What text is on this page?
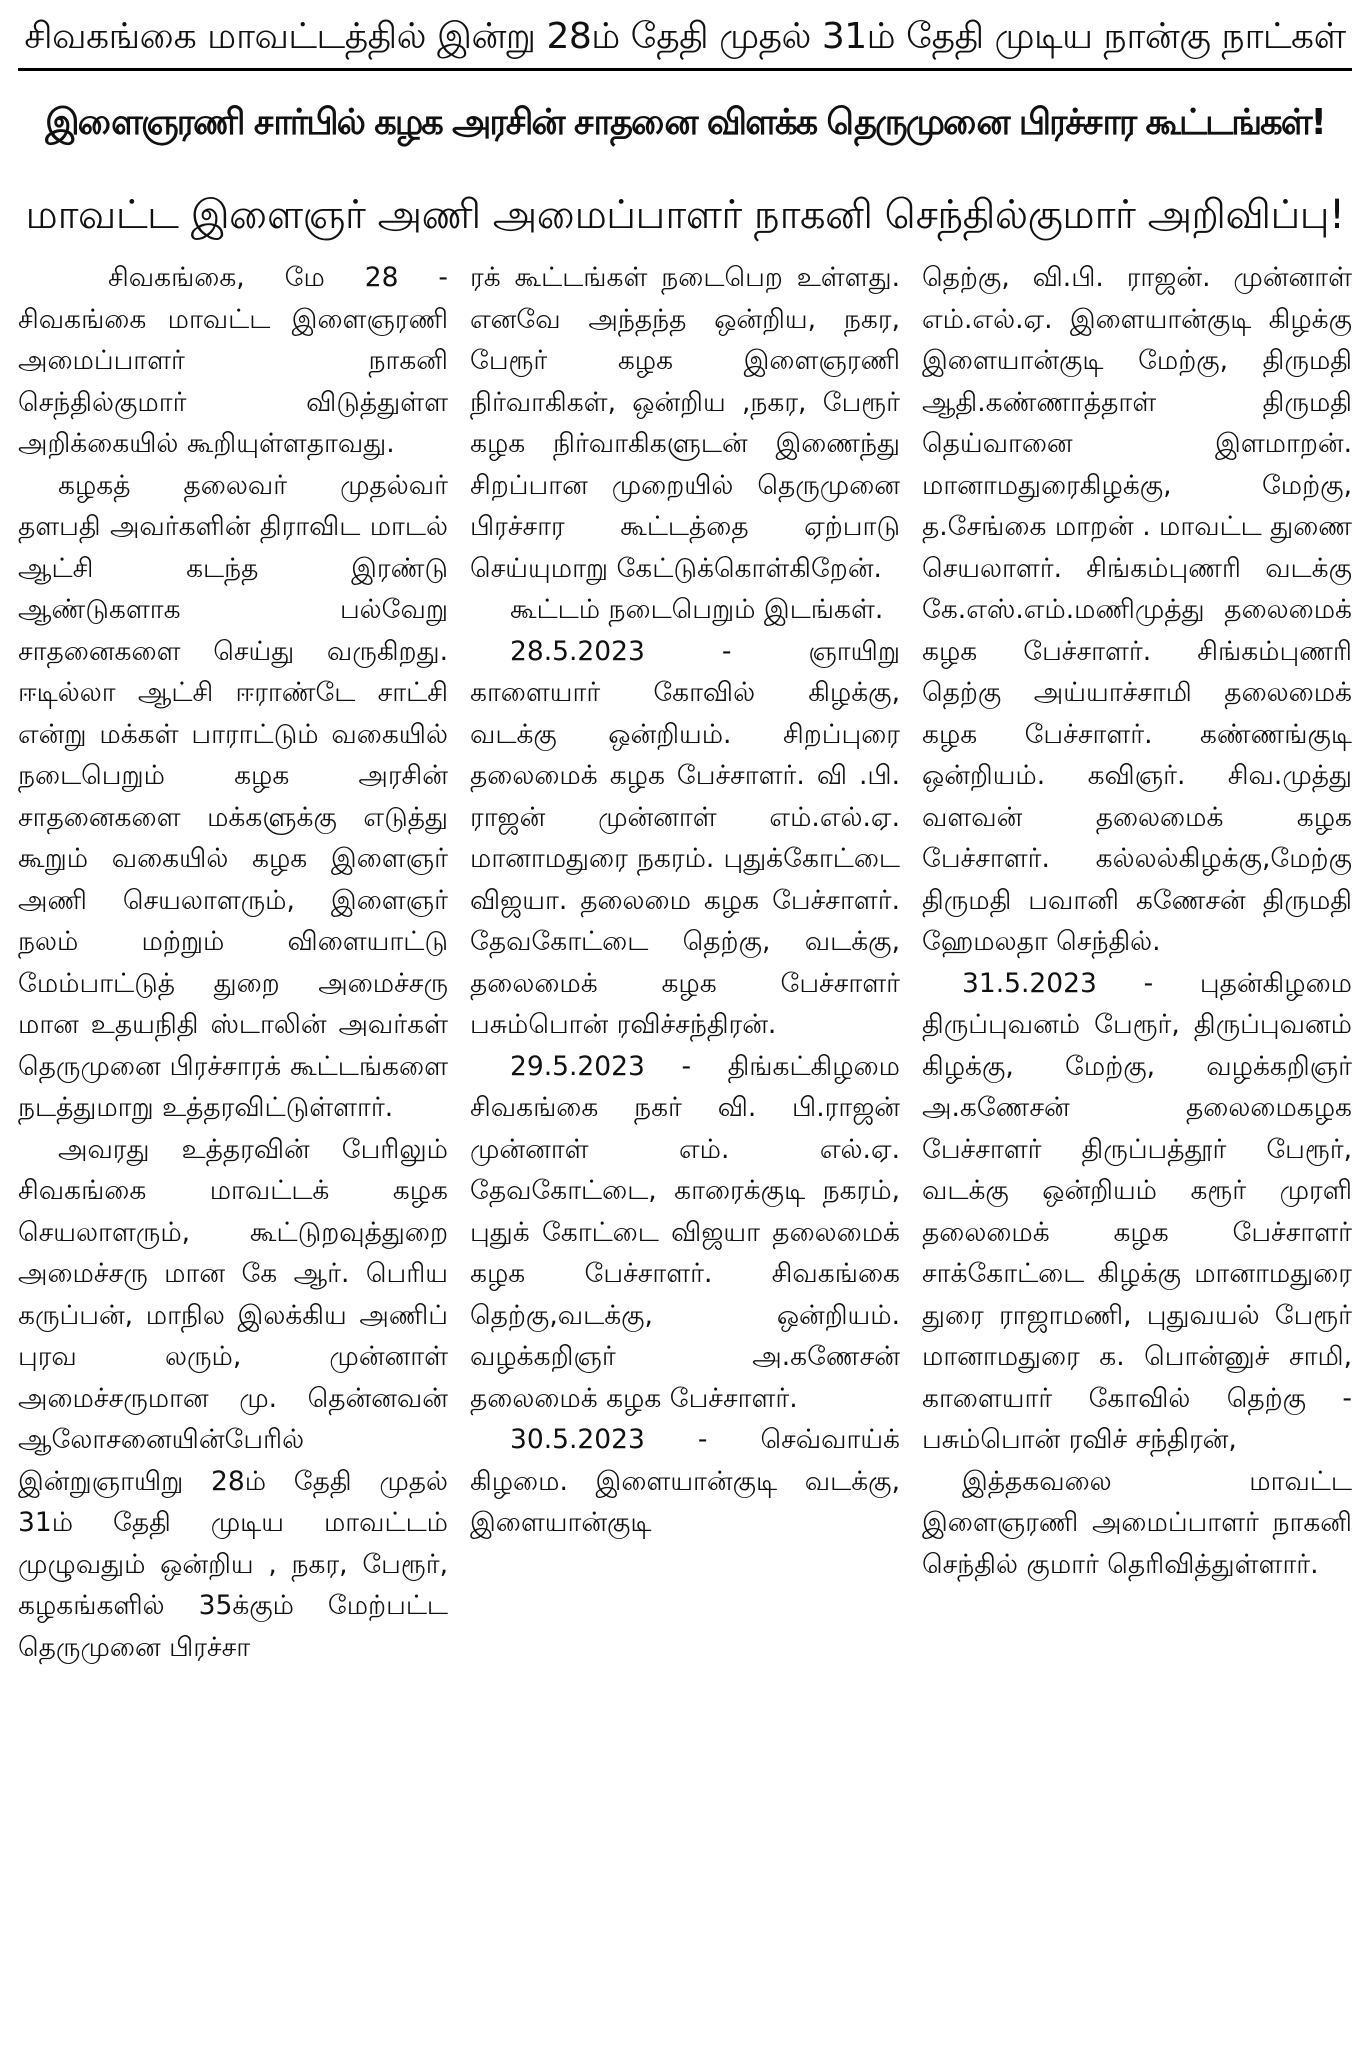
சிவகங்கை மாவட்டத்தில் இன்று 28ம் தேதி முதல் 31ம் தேதி முடிய நான்கு நாட்கள்
இளைஞரணி சார்பில் கழக அரசின் சாதனை விளக்க தெருமுனை பிரச்சார கூட்டங்கள்!
மாவட்ட இளைஞர் அணி அமைப்பாளர் நாகனி செந்தில்குமார் அறிவிப்பு!

சிவகங்கை, மே 28 - சிவகங்கை மாவட்ட இளைஞரணி அமைப்பாளர் நாகனி செந்தில்குமார் விடுத்துள்ள அறிக்கையில் கூறியுள்ளதாவது.

கழகத் தலைவர் முதல்வர் தளபதி அவர்களின் திராவிட மாடல் ஆட்சி கடந்த இரண்டு ஆண்டுகளாக பல்வேறு சாதனைகளை செய்து வருகிறது. ஈடில்லா ஆட்சி ஈராண்டே சாட்சி என்று மக்கள் பாராட்டும் வகையில் நடைபெறும் கழக அரசின் சாதனைகளை மக்களுக்கு எடுத்து கூறும் வகையில் கழக இளைஞர் அணி செயலாளரும், இளைஞர் நலம் மற்றும் விளையாட்டு மேம்பாட்டுத் துறை அமைச்சரு மான உதயநிதி ஸ்டாலின் அவர்கள் தெருமுனை பிரச்சாரக் கூட்டங்களை நடத்துமாறு உத்தரவிட்டுள்ளார்.

அவரது உத்தரவின் பேரிலும் சிவகங்கை மாவட்டக் கழக செயலாளரும், கூட்டுறவுத்துறை அமைச்சரு மான கே ஆர். பெரிய கருப்பன், மாநில இலக்கிய அணிப் புரவ லரும், முன்னாள் அமைச்சருமான மு. தென்னவன் ஆலோசனையின்பேரில் இன்றுஞாயிறு 28ம் தேதி முதல் 31ம் தேதி முடிய மாவட்டம் முழுவதும் ஒன்றிய , நகர, பேரூர், கழகங்களில் 35க்கும் மேற்பட்ட தெருமுனை பிரச்சா

ரக் கூட்டங்கள் நடைபெற உள்ளது. எனவே அந்தந்த ஒன்றிய, நகர, பேரூர் கழக இளைஞரணி நிர்வாகிகள், ஒன்றிய ,நகர, பேரூர் கழக நிர்வாகிகளுடன் இணைந்து சிறப்பான முறையில் தெருமுனை பிரச்சார கூட்டத்தை ஏற்பாடு செய்யுமாறு கேட்டுக்கொள்கிறேன்.

கூட்டம் நடைபெறும் இடங்கள்.

28.5.2023 - ஞாயிறு காளையார் கோவில் கிழக்கு, வடக்கு ஒன்றியம். சிறப்புரை தலைமைக் கழக பேச்சாளர். வி .பி. ராஜன் முன்னாள் எம்.எல்.ஏ. மானாமதுரை நகரம். புதுக்கோட்டை விஜயா. தலைமை கழக பேச்சாளர். தேவகோட்டை தெற்கு, வடக்கு, தலைமைக் கழக பேச்சாளர் பசும்பொன் ரவிச்சந்திரன்.

29.5.2023 - திங்கட்கிழமை சிவகங்கை நகர் வி. பி.ராஜன் முன்னாள் எம். எல்.ஏ. தேவகோட்டை, காரைக்குடி நகரம், புதுக் கோட்டை விஜயா தலைமைக் கழக பேச்சாளர். சிவகங்கை தெற்கு,வடக்கு, ஒன்றியம். வழக்கறிஞர் அ.கணேசன் தலைமைக் கழக பேச்சாளர்.

30.5.2023 - செவ்வாய்க் கிழமை. இளையான்குடி வடக்கு, இளையான்குடி

தெற்கு, வி.பி. ராஜன். முன்னாள் எம்.எல்.ஏ. இளையான்குடி கிழக்கு இளையான்குடி மேற்கு, திருமதி ஆதி.கண்ணாத்தாள் திருமதி தெய்வானை இளமாறன். மானாமதுரைகிழக்கு, மேற்கு, த.சேங்கை மாறன் . மாவட்ட துணை செயலாளர். சிங்கம்புணரி வடக்கு கே.எஸ்.எம்.மணிமுத்து தலைமைக் கழக பேச்சாளர். சிங்கம்புணரி தெற்கு அய்யாச்சாமி தலைமைக் கழக பேச்சாளர். கண்ணங்குடி ஒன்றியம். கவிஞர். சிவ.முத்து வளவன் தலைமைக் கழக பேச்சாளர். கல்லல்கிழக்கு,மேற்கு திருமதி பவானி கணேசன் திருமதி ஹேமலதா செந்தில்.

31.5.2023 - புதன்கிழமை திருப்புவனம் பேரூர், திருப்புவனம் கிழக்கு, மேற்கு, வழக்கறிஞர் அ.கணேசன் தலைமைகழக பேச்சாளர் திருப்பத்தூர் பேரூர், வடக்கு ஒன்றியம் கரூர் முரளி தலைமைக் கழக பேச்சாளர் சாக்கோட்டை கிழக்கு மானாமதுரை துரை ராஜாமணி, புதுவயல் பேரூர் மானாமதுரை க. பொன்னுச் சாமி, காளையார் கோவில் தெற்கு - பசும்பொன் ரவிச் சந்திரன்,

இத்தகவலை மாவட்ட இளைஞரணி அமைப்பாளர் நாகனி செந்தில் குமார் தெரிவித்துள்ளார்.
